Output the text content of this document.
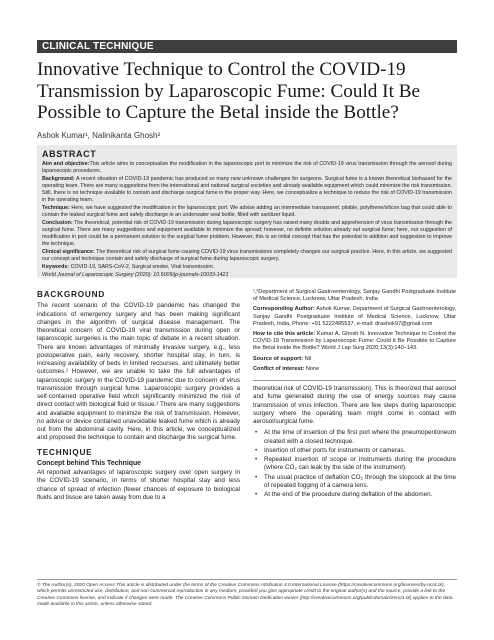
CLINICAL TECHNIQUE
Innovative Technique to Control the COVID-19 Transmission by Laparoscopic Fume: Could It Be Possible to Capture the Betal inside the Bottle?
Ashok Kumar¹, Nalinikanta Ghosh²
ABSTRACT

Aim and objective:This article aims to conceptualize the modification in the laparoscopic port to minimize the risk of COVID-19 virus transmission through the aerosol during laparoscopic procedures.

Background: A recent situation of COVID-19 pandemic has produced so many new unknown challenges for surgeons. Surgical fume is a known theoretical biohazard for the operating team. There are many suggestions from the international and national surgical societies and already available equipment which could minimize the risk transmission. Still, there is no technique available to contain and discharge surgical fume in the proper way. Here, we conceptualize a technique to reduce the risk of COVID-19 transmission in the operating team.

Technique: Here, we have suggested the modification in the laparoscopic port. We advise adding an intermediate transparent, pliable, polythene/silicon bag that could able to contain the leaked surgical fume and safely discharge in an underwater seal bottle, filled with sanitizer liquid.

Conclusion: The theoretical, potential risk of COVID-19 transmission during laparoscopic surgery has raised many doubts and apprehension of virus transmission through the surgical fume. There are many suggestions and equipment available to minimize the spread; however, no definite solution already out surgical fume; here, our suggestion of modification in port could be a permanent solution to the surgical fume problem. However, this is an initial concept that has the potential to addition and suggestion to improve the technique.

Clinical significance: The theoretical risk of surgical fume causing COVID-19 virus transmissions completely changes our surgical practice. Here, in this article, we suggested our concept and technique contain and safely discharge of surgical fume during laparoscopic surgery.

Keywords: COVID-19, SARS-CoV-2, Surgical smoke, Viral transmission.

World Journal of Laparoscopic Surgery (2020): 10.5005/jp-journals-10033-1421

BACKGROUND

The recent scenario of the COVID-19 pandemic has changed the indications of emergency surgery and has been making significant changes in the algorithm of surgical disease management. The theoretical concern of COVID-19 viral transmission during open or laparoscopic surgeries is the main topic of debate in a recent situation. There are known advantages of minimally invasive surgery, e.g., less postoperative pain, early recovery, shorter hospital stay, in turn, is increasing availability of beds in limited recourses, and ultimately better outcomes.¹ However, we are unable to take the full advantages of laparoscopic surgery in the COVID-19 pandemic due to concern of virus transmission through surgical fume. Laparoscopic surgery provides a self-contained operative field which significantly minimized the risk of direct contact with biological fluid or tissue.² There are many suggestions and available equipment to minimize the risk of transmission. However, no advice or device contained unavoidable leaked fume which is already out from the abdominal cavity. Here, in this article, we conceptualized and proposed the technique to contain and discharge the surgical fume.

TECHNIQUE
Concept behind This Technique

All reported advantages of laparoscopic surgery over open surgery in the COVID-19 scenario, in terms of shorter hospital stay and less chance of spread of infection (fewer chances of exposure to biological fluids and tissue are taken away from due to a

¹,²Department of Surgical Gastroenterology, Sanjay Gandhi Postgraduate Institute of Medical Science, Lucknow, Uttar Pradesh, India

Corresponding Author: Ashok Kumar, Department of Surgical Gastroenterology, Sanjay Gandhi Postgraduate Institute of Medical Science, Lucknow, Uttar Pradesh, India, Phone: +91 5222495537, e-mail: drashok97@gmail.com

How to cite this article: Kumar A, Ghosh N. Innovative Technique to Control the COVID-19 Transmission by Laparoscopic Fume: Could It Be Possible to Capture the Betal inside the Bottle? World J Lap Surg 2020;13(3):140–143.

Source of support: Nil

Conflict of interest: None

theoretical risk of COVID-19 transmission). This is theorized that aerosol and fume generated during the use of energy sources may cause transmission of virus infection. There are few steps during laparoscopic surgery where the operating team might come in contact with aerosol/surgical fume.

• At the time of insertion of the first port where the pneumoperitoneum created with a closed technique.
• Insertion of other ports for instruments or cameras.
• Repeated insertion of scope or instruments during the procedure (where CO₂ can leak by the side of the instrument).
• The usual practice of deflation CO₂ through the stopcock at the time of repeated fogging of a camera lens.
• At the end of the procedure during deflation of the abdomen.
© The Author(s). 2020 Open Access This article is distributed under the terms of the Creative Commons Attribution 4.0 International License (https://creativecommons.org/licenses/by-nc/4.0/), which permits unrestricted use, distribution, and non-commercial reproduction in any medium, provided you give appropriate credit to the original author(s) and the source, provide a link to the Creative Commons license, and indicate if changes were made. The Creative Commons Public Domain Dedication waiver (http://creativecommons.org/publicdomain/zero/1.0/) applies to the data made available in this article, unless otherwise stated.
